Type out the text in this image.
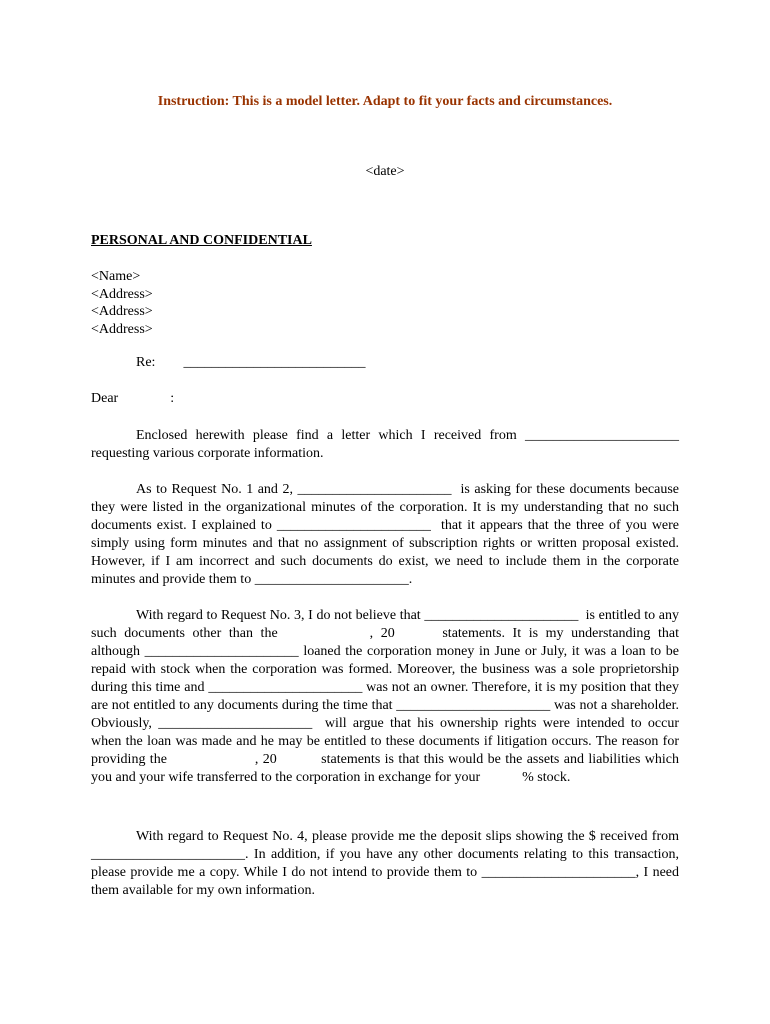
Instruction: This is a model letter. Adapt to fit your facts and circumstances.
<date>
PERSONAL AND CONFIDENTIAL
<Name>
<Address>
<Address>
<Address>
Re: __________________________
Dear	:

Enclosed herewith please find a letter which I received from ______________________ requesting various corporate information.

As to Request No. 1 and 2, ______________________ is asking for these documents because they were listed in the organizational minutes of the corporation. It is my understanding that no such documents exist. I explained to ______________________ that it appears that the three of you were simply using form minutes and that no assignment of subscription rights or written proposal existed. However, if I am incorrect and such documents do exist, we need to include them in the corporate minutes and provide them to ______________________.

With regard to Request No. 3, I do not believe that ______________________ is entitled to any such documents other than the	, 20	statements. It is my understanding that although ______________________ loaned the corporation money in June or July, it was a loan to be repaid with stock when the corporation was formed. Moreover, the business was a sole proprietorship during this time and ______________________ was not an owner. Therefore, it is my position that they are not entitled to any documents during the time that ______________________ was not a shareholder. Obviously, ______________________ will argue that his ownership rights were intended to occur when the loan was made and he may be entitled to these documents if litigation occurs. The reason for providing the	, 20	statements is that this would be the assets and liabilities which you and your wife transferred to the corporation in exchange for your	% stock.

With regard to Request No. 4, please provide me the deposit slips showing the $ received from ______________________. In addition, if you have any other documents relating to this transaction, please provide me a copy. While I do not intend to provide them to ______________________, I need them available for my own information.
